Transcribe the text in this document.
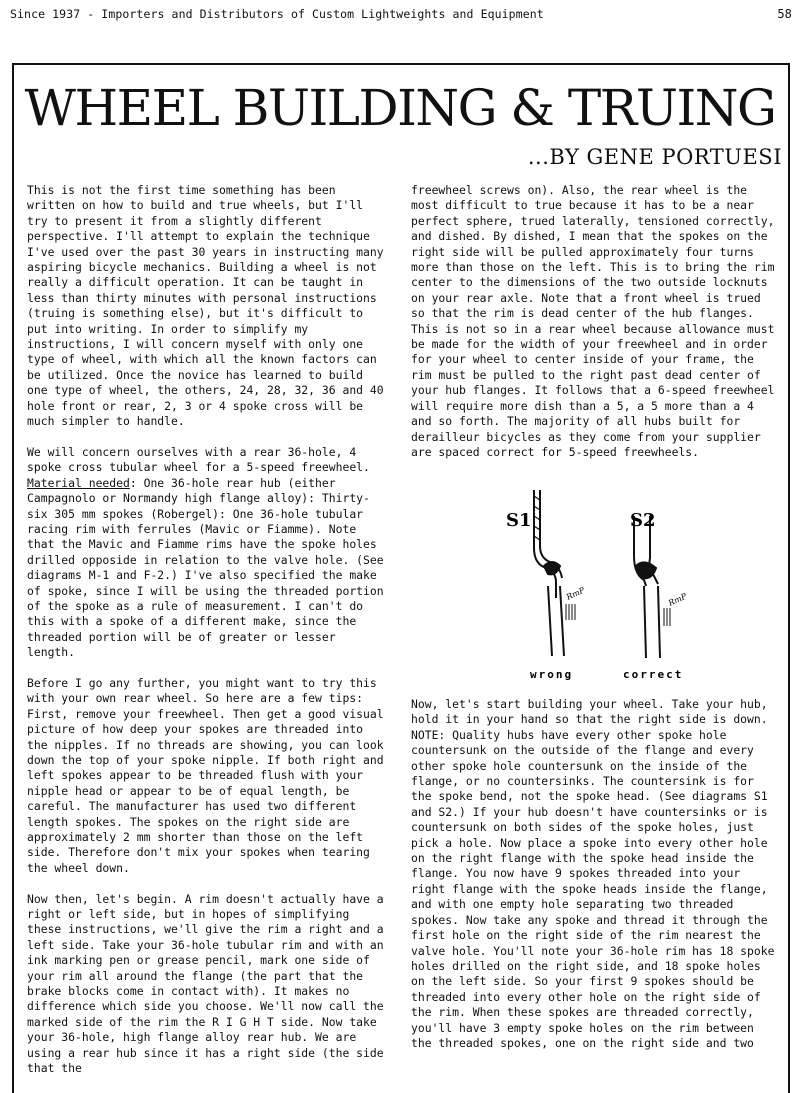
Since 1937 - Importers and Distributors of Custom Lightweights and Equipment	58
WHEEL BUILDING & TRUING
...BY GENE PORTUESI

This is not the first time something has been written on how to build and true wheels, but I'll try to present it from a slightly different perspective. I'll attempt to explain the technique I've used over the past 30 years in instructing many aspiring bicycle mechanics. Building a wheel is not really a difficult operation. It can be taught in less than thirty minutes with personal instructions (truing is something else), but it's difficult to put into writing. In order to simplify my instructions, I will concern myself with only one type of wheel, with which all the known factors can be utilized. Once the novice has learned to build one type of wheel, the others, 24, 28, 32, 36 and 40 hole front or rear, 2, 3 or 4 spoke cross will be much simpler to handle.

We will concern ourselves with a rear 36-hole, 4 spoke cross tubular wheel for a 5-speed freewheel. Material needed: One 36-hole rear hub (either Campagnolo or Normandy high flange alloy): Thirty-six 305 mm spokes (Robergel): One 36-hole tubular racing rim with ferrules (Mavic or Fiamme). Note that the Mavic and Fiamme rims have the spoke holes drilled opposide in relation to the valve hole. (See diagrams M-1 and F-2.) I've also specified the make of spoke, since I will be using the threaded portion of the spoke as a rule of measurement. I can't do this with a spoke of a different make, since the threaded portion will be of greater or lesser length.

Before I go any further, you might want to try this with your own rear wheel. So here are a few tips: First, remove your freewheel. Then get a good visual picture of how deep your spokes are threaded into the nipples. If no threads are showing, you can look down the top of your spoke nipple. If both right and left spokes appear to be threaded flush with your nipple head or appear to be of equal length, be careful. The manufacturer has used two different length spokes. The spokes on the right side are approximately 2 mm shorter than those on the left side. Therefore don't mix your spokes when tearing the wheel down.

Now then, let's begin. A rim doesn't actually have a right or left side, but in hopes of simplifying these instructions, we'll give the rim a right and a left side. Take your 36-hole tubular rim and with an ink marking pen or grease pencil, mark one side of your rim all around the flange (the part that the brake blocks come in contact with). It makes no difference which side you choose. We'll now call the marked side of the rim the R I G H T side. Now take your 36-hole, high flange alloy rear hub. We are using a rear hub since it has a right side (the side that the

freewheel screws on). Also, the rear wheel is the most difficult to true because it has to be a near perfect sphere, trued laterally, tensioned correctly, and dished. By dished, I mean that the spokes on the right side will be pulled approximately four turns more than those on the left. This is to bring the rim center to the dimensions of the two outside locknuts on your rear axle. Note that a front wheel is trued so that the rim is dead center of the hub flanges. This is not so in a rear wheel because allowance must be made for the width of your freewheel and in order for your wheel to center inside of your frame, the rim must be pulled to the right past dead center of your hub flanges. It follows that a 6-speed freewheel will require more dish than a 5, a 5 more than a 4 and so forth. The majority of all hubs built for derailleur bicycles as they come from your supplier are spaced correct for 5-speed freewheels.

S1	S2
RmP	RmP
wrong	correct

Now, let's start building your wheel. Take your hub, hold it in your hand so that the right side is down. NOTE: Quality hubs have every other spoke hole countersunk on the outside of the flange and every other spoke hole countersunk on the inside of the flange, or no countersinks. The countersink is for the spoke bend, not the spoke head. (See diagrams S1 and S2.) If your hub doesn't have countersinks or is countersunk on both sides of the spoke holes, just pick a hole. Now place a spoke into every other hole on the right flange with the spoke head inside the flange. You now have 9 spokes threaded into your right flange with the spoke heads inside the flange, and with one empty hole separating two threaded spokes. Now take any spoke and thread it through the first hole on the right side of the rim nearest the valve hole. You'll note your 36-hole rim has 18 spoke holes drilled on the right side, and 18 spoke holes on the left side. So your first 9 spokes should be threaded into every other hole on the right side of the rim. When these spokes are threaded correctly, you'll have 3 empty spoke holes on the rim between the threaded spokes, one on the right side and two
